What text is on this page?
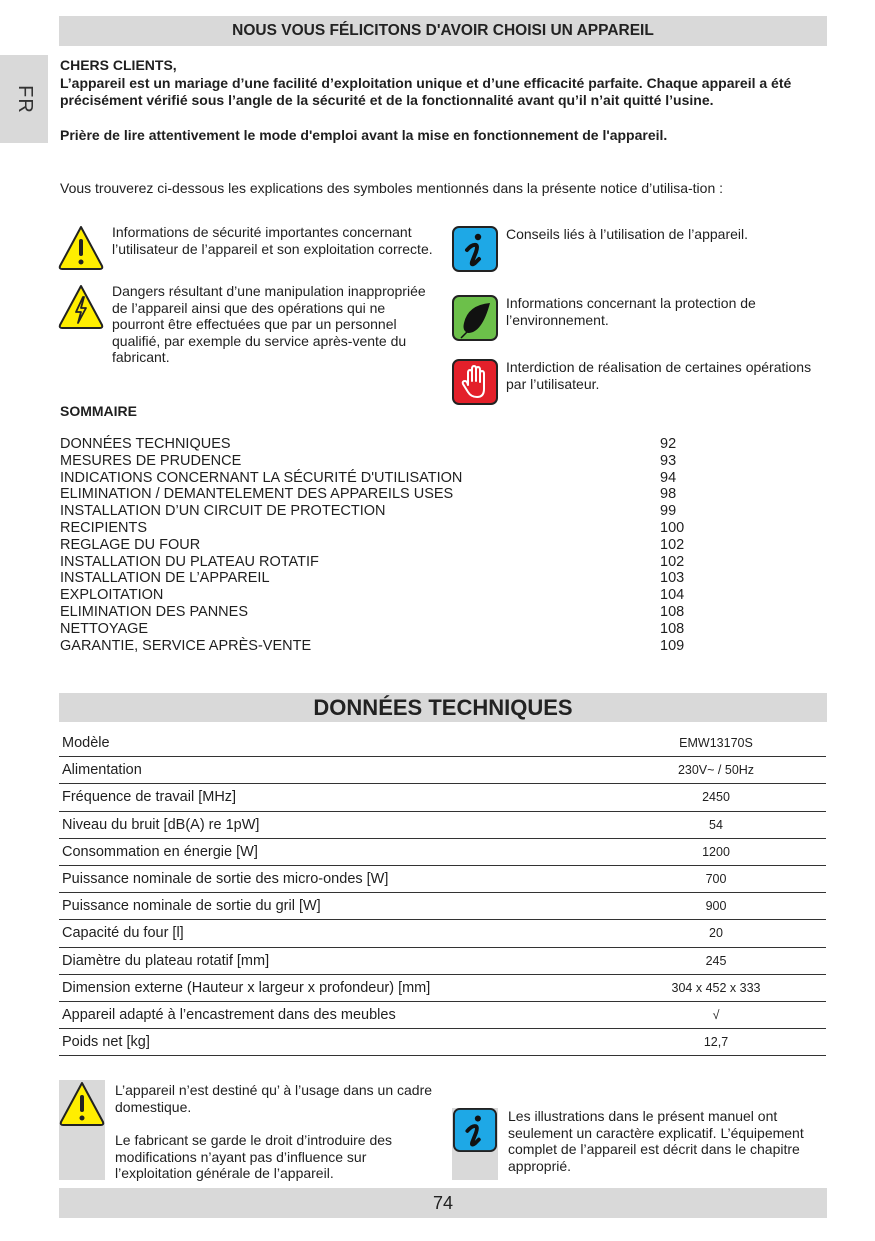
FR
NOUS VOUS FÉLICITONS D'AVOIR CHOISI UN APPAREIL

CHERS CLIENTS,

L’appareil est un mariage d’une facilité d’exploitation unique et d’une efficacité parfaite. Chaque appareil a été précisément vérifié sous l’angle de la sécurité et de la fonctionnalité avant qu’il n’ait quitté l’usine.

Prière de lire attentivement le mode d'emploi avant la mise en fonctionnement de l'appareil.

Vous trouverez ci-dessous les explications des symboles mentionnés dans la présente notice d’utilisa-tion :
Informations de sécurité importantes concernant l’utilisateur de l’appareil et son exploitation correcte.
Dangers résultant d’une manipulation inappropriée de l’appareil ainsi que des opérations qui ne pourront être effectuées que par un personnel qualifié, par exemple du service après-vente du fabricant.
Conseils liés à l’utilisation de l’appareil.
Informations concernant la protection de l’environnement.
Interdiction de réalisation de certaines opérations par l’utilisateur.
SOMMAIRE
DONNÉES TECHNIQUES	92
MESURES DE PRUDENCE	93
INDICATIONS CONCERNANT LA SÉCURITÉ D'UTILISATION	94
ELIMINATION / DEMANTELEMENT DES APPAREILS USES	98
INSTALLATION D’UN CIRCUIT DE PROTECTION	99
RECIPIENTS	100
REGLAGE DU FOUR	102
INSTALLATION DU PLATEAU ROTATIF	102
INSTALLATION DE L’APPAREIL	103
EXPLOITATION	104
ELIMINATION DES PANNES	108
NETTOYAGE	108
GARANTIE, SERVICE APRÈS-VENTE	109
DONNÉES TECHNIQUES
Modèle	EMW13170S
Alimentation	230V~ / 50Hz
Fréquence de travail [MHz]	2450
Niveau du bruit [dB(A) re 1pW]	54
Consommation en énergie [W]	1200
Puissance nominale de sortie des micro-ondes [W]	700
Puissance nominale de sortie du gril [W]	900
Capacité du four [l]	20
Diamètre du plateau rotatif [mm]	245
Dimension externe (Hauteur x largeur x profondeur) [mm]	304 x 452 x 333
Appareil adapté à l’encastrement dans des meubles	√
Poids net [kg]	12,7

L’appareil n’est destiné qu’ à l’usage dans un cadre domestique.

Le fabricant se garde le droit d’introduire des modifications n’ayant pas d’influence sur l’exploitation générale de l’appareil.

Les illustrations dans le présent manuel ont seulement un caractère explicatif. L’équipement complet de l’appareil est décrit dans le chapitre approprié.

74
